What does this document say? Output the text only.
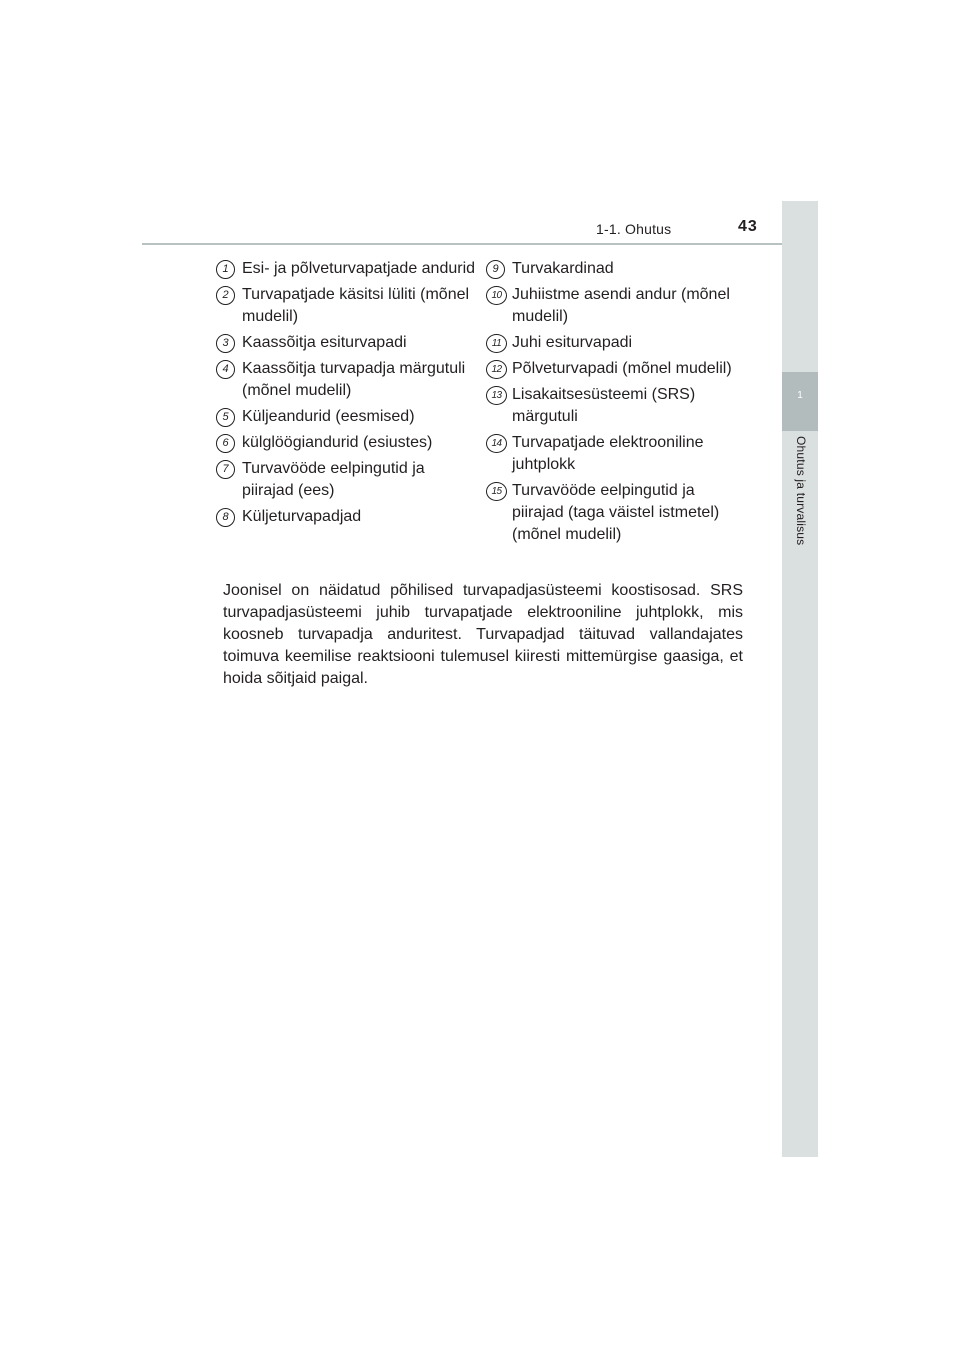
1-1. Ohutus	43
1
Ohutus ja turvalisus
1 Esi- ja põlveturvapatjade andurid
2 Turvapatjade käsitsi lüliti (mõnel mudelil)
3 Kaassõitja esiturvapadi
4 Kaassõitja turvapadja märgutuli (mõnel mudelil)
5 Küljeandurid (eesmised)
6 külglöögiandurid (esiustes)
7 Turvavööde eelpingutid ja piirajad (ees)
8 Küljeturvapadjad
9 Turvakardinad
10 Juhiistme asendi andur (mõnel mudelil)
11 Juhi esiturvapadi
12 Põlveturvapadi (mõnel mudelil)
13 Lisakaitsesüsteemi (SRS) märgutuli
14 Turvapatjade elektrooniline juhtplokk
15 Turvavööde eelpingutid ja piirajad (taga väistel istmetel) (mõnel mudelil)

Joonisel on näidatud põhilised turvapadjasüsteemi koostisosad. SRS turvapadjasüsteemi juhib turvapatjade elektrooniline juhtplokk, mis koosneb turvapadja anduritest. Turvapadjad täituvad vallandajates toimuva keemilise reaktsiooni tulemusel kiiresti mittemürgise gaasiga, et hoida sõitjaid paigal.
